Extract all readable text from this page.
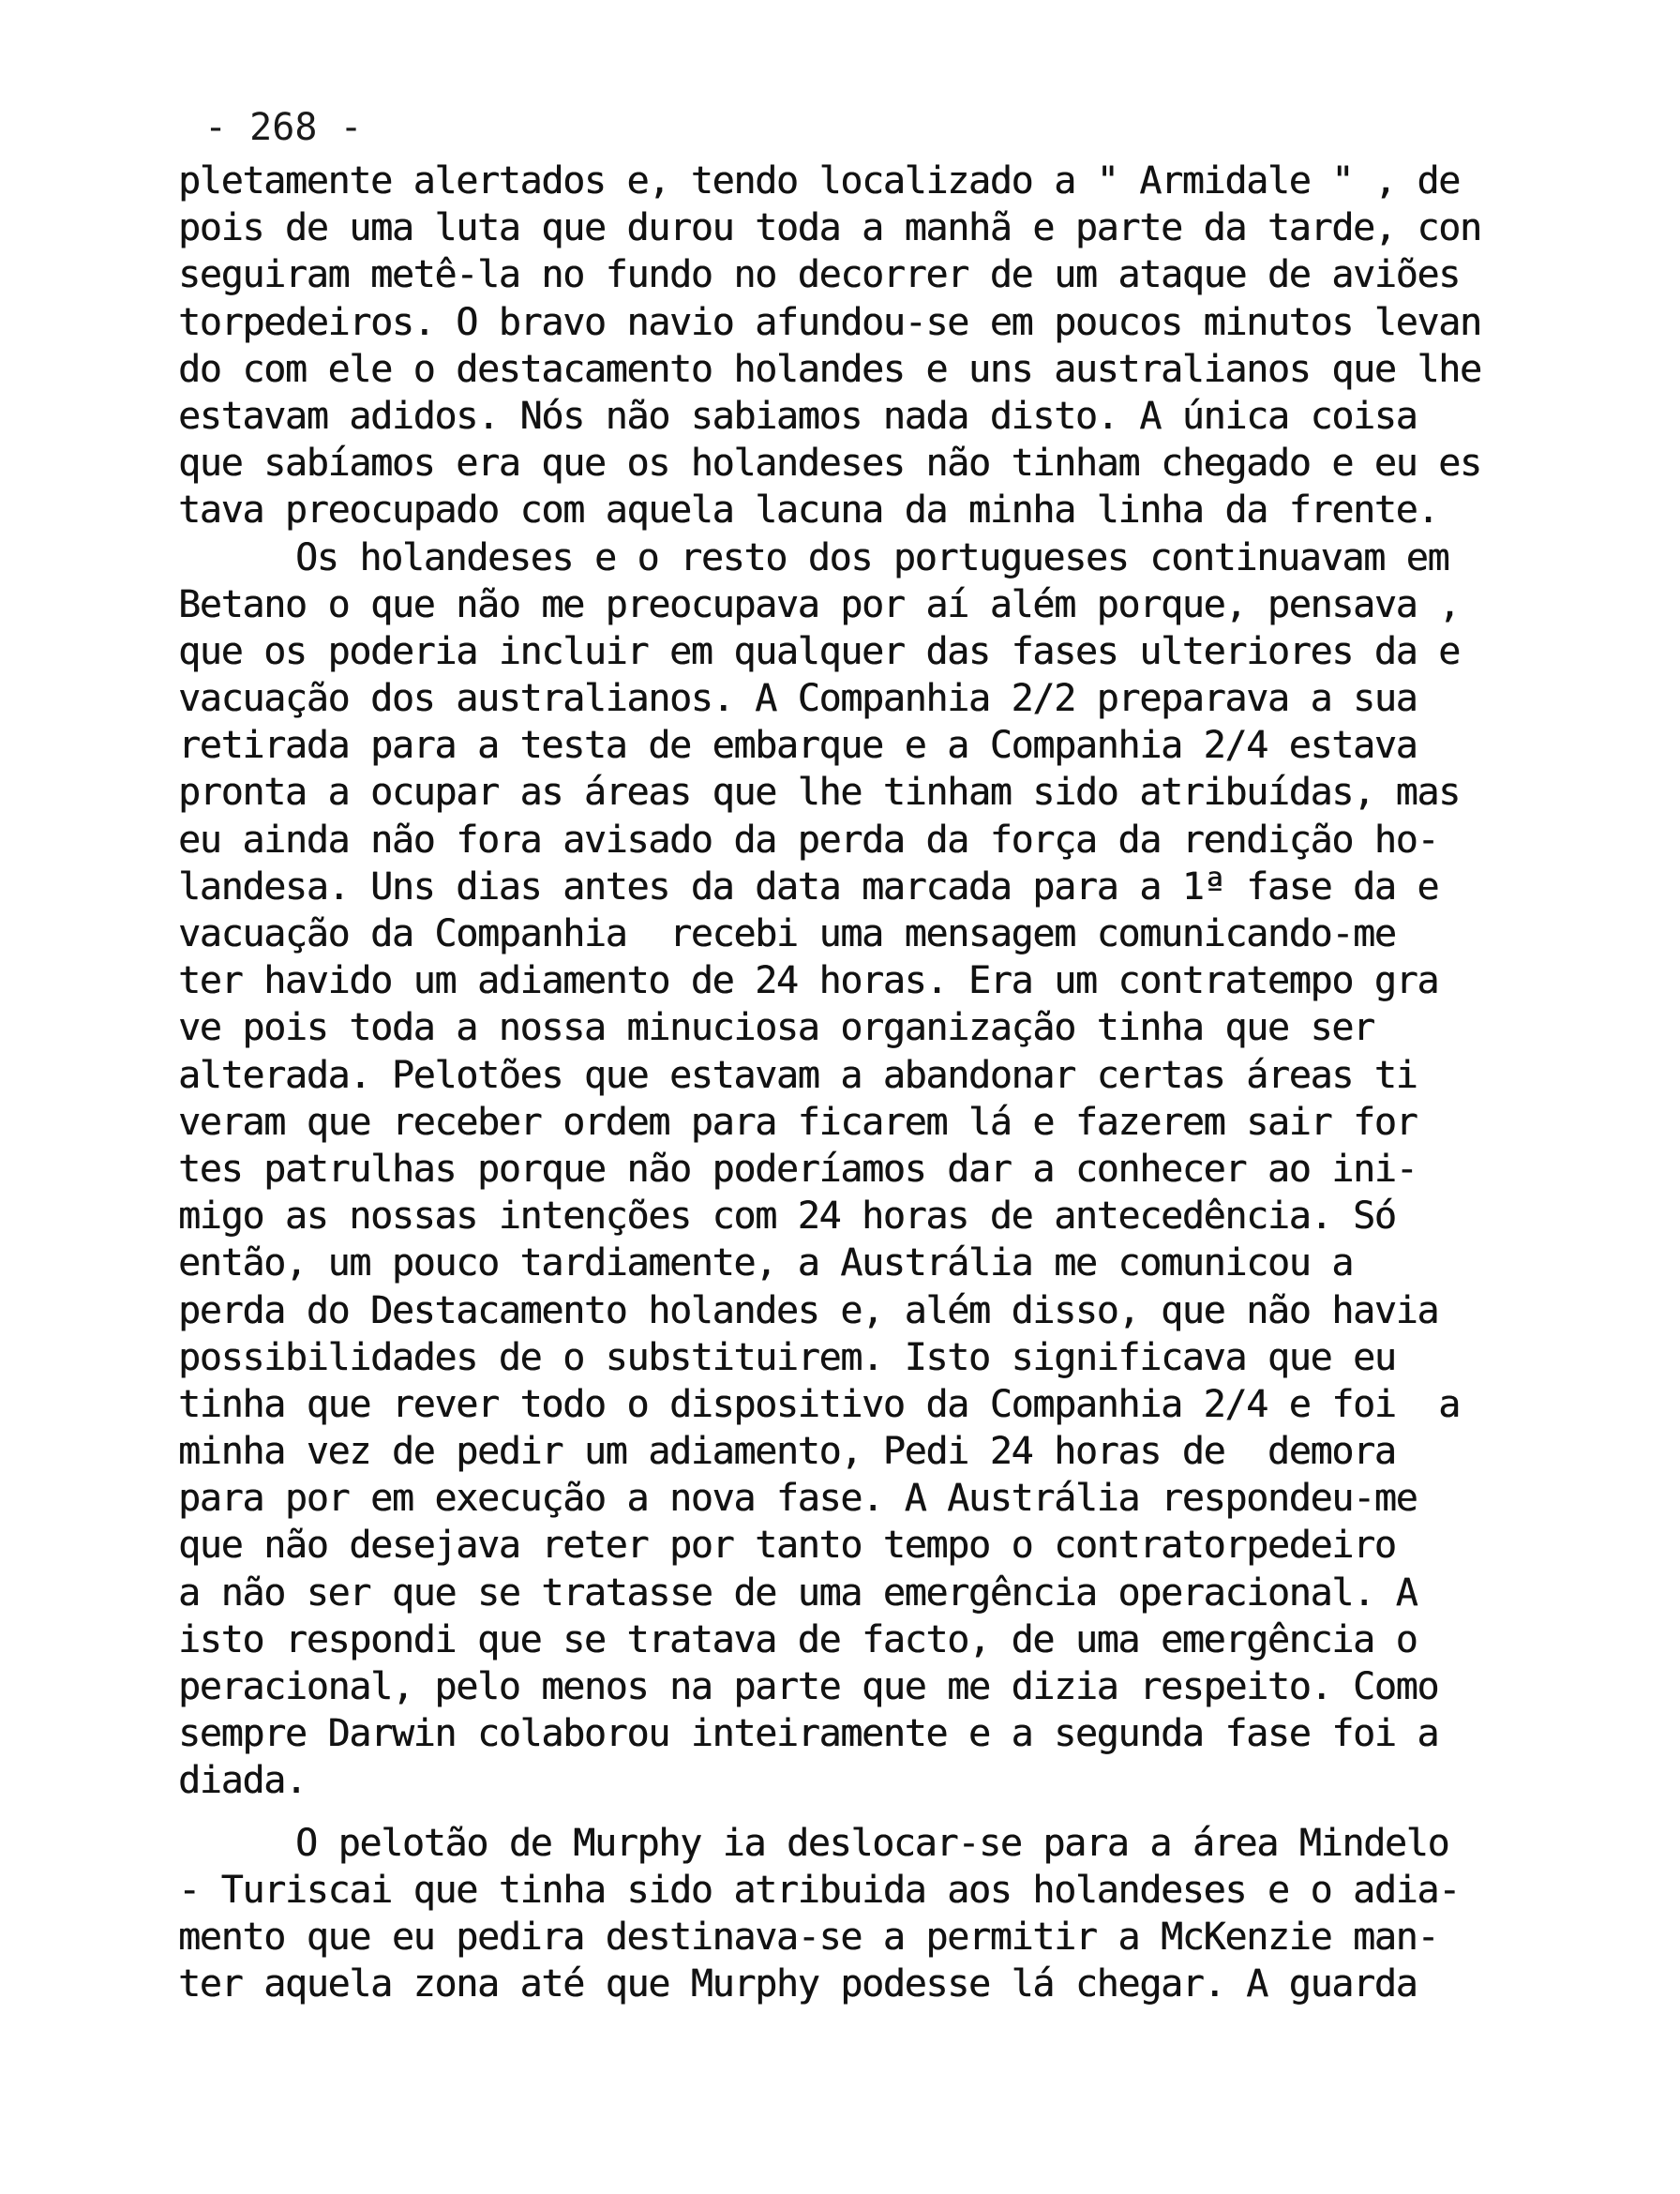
- 268 -
pletamente alertados e, tendo localizado a " Armidale " , de
pois de uma luta que durou toda a manhã e parte da tarde, con
seguiram metê-la no fundo no decorrer de um ataque de aviões
torpedeiros. O bravo navio afundou-se em poucos minutos levan
do com ele o destacamento holandes e uns australianos que lhe
estavam adidos. Nós não sabiamos nada disto. A única coisa
que sabíamos era que os holandeses não tinham chegado e eu es
tava preocupado com aquela lacuna da minha linha da frente.
Os holandeses e o resto dos portugueses continuavam em
Betano o que não me preocupava por aí além porque, pensava ,
que os poderia incluir em qualquer das fases ulteriores da e
vacuação dos australianos. A Companhia 2/2 preparava a sua
retirada para a testa de embarque e a Companhia 2/4 estava
pronta a ocupar as áreas que lhe tinham sido atribuídas, mas
eu ainda não fora avisado da perda da força da rendição ho-
landesa. Uns dias antes da data marcada para a 1ª fase da e
vacuação da Companhia  recebi uma mensagem comunicando-me
ter havido um adiamento de 24 horas. Era um contratempo gra
ve pois toda a nossa minuciosa organização tinha que ser
alterada. Pelotões que estavam a abandonar certas áreas ti
veram que receber ordem para ficarem lá e fazerem sair for
tes patrulhas porque não poderíamos dar a conhecer ao ini-
migo as nossas intenções com 24 horas de antecedência. Só
então, um pouco tardiamente, a Austrália me comunicou a
perda do Destacamento holandes e, além disso, que não havia
possibilidades de o substituirem. Isto significava que eu
tinha que rever todo o dispositivo da Companhia 2/4 e foi  a
minha vez de pedir um adiamento, Pedi 24 horas de  demora
para por em execução a nova fase. A Austrália respondeu-me
que não desejava reter por tanto tempo o contratorpedeiro
a não ser que se tratasse de uma emergência operacional. A
isto respondi que se tratava de facto, de uma emergência o
peracional, pelo menos na parte que me dizia respeito. Como
sempre Darwin colaborou inteiramente e a segunda fase foi a
diada.
O pelotão de Murphy ia deslocar-se para a área Mindelo
- Turiscai que tinha sido atribuida aos holandeses e o adia-
mento que eu pedira destinava-se a permitir a McKenzie man-
ter aquela zona até que Murphy podesse lá chegar. A guarda
